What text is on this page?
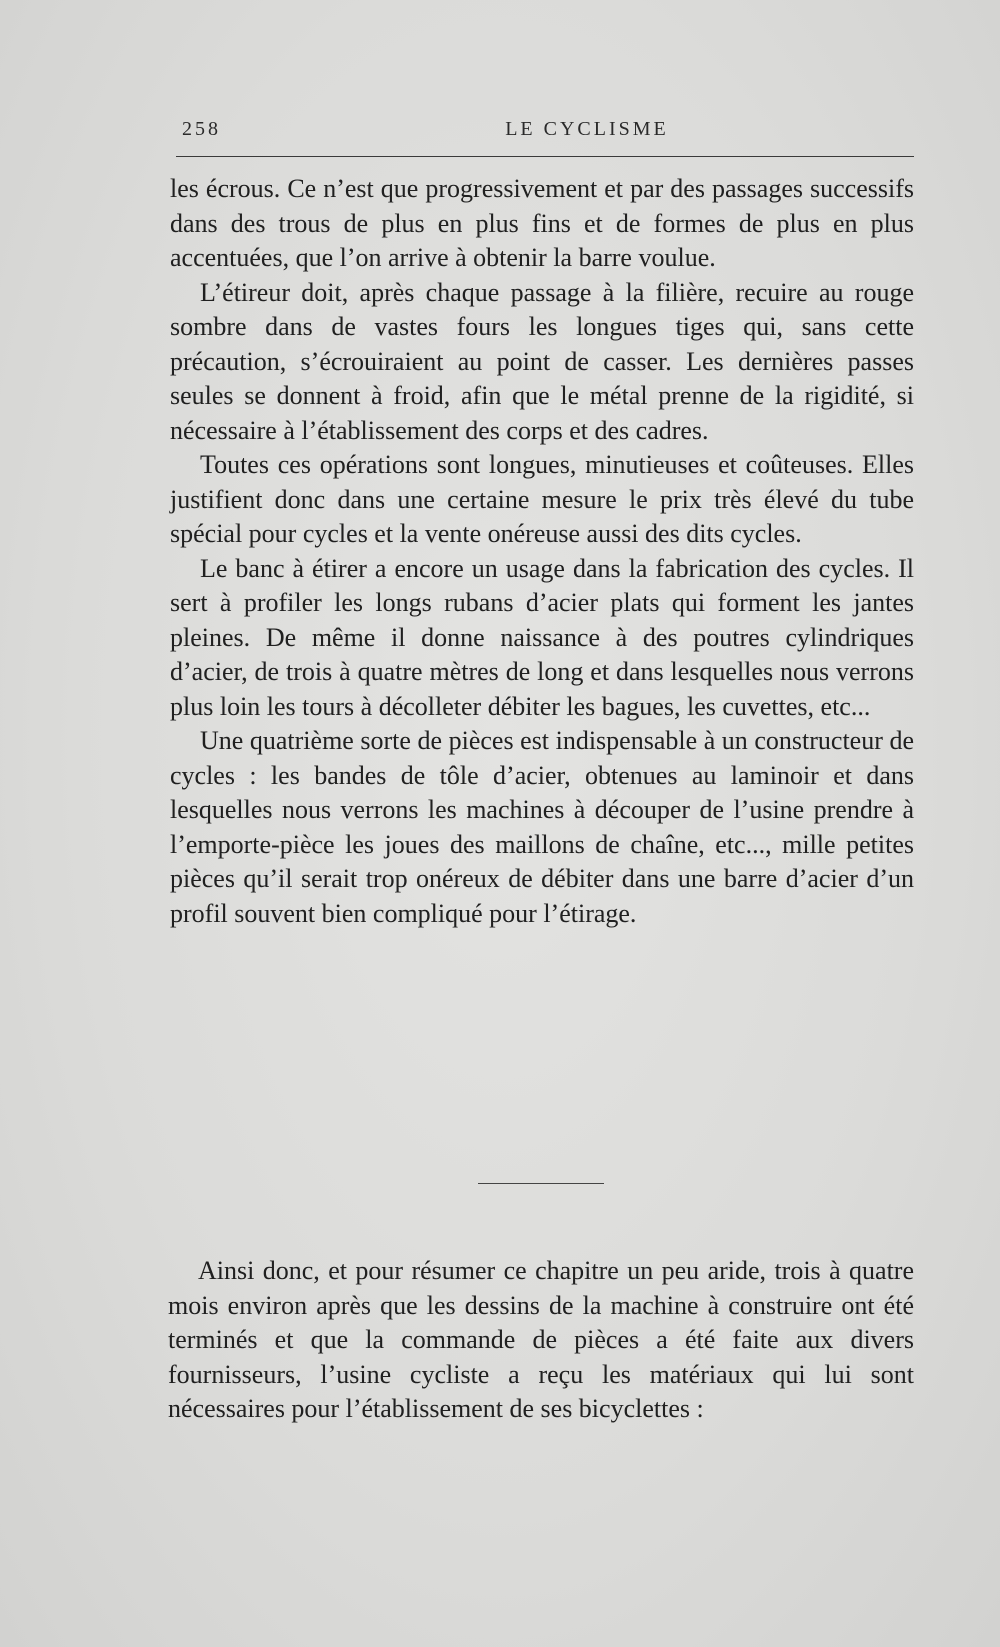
258	LE CYCLISME

les écrous. Ce n’est que progressivement et par des passages successifs dans des trous de plus en plus fins et de formes de plus en plus accentuées, que l’on arrive à obtenir la barre voulue.

L’étireur doit, après chaque passage à la filière, recuire au rouge sombre dans de vastes fours les longues tiges qui, sans cette précaution, s’écrouiraient au point de casser. Les dernières passes seules se donnent à froid, afin que le métal prenne de la rigidité, si nécessaire à l’établissement des corps et des cadres.

Toutes ces opérations sont longues, minutieuses et coûteuses. Elles justifient donc dans une certaine mesure le prix très élevé du tube spécial pour cycles et la vente onéreuse aussi des dits cycles.

Le banc à étirer a encore un usage dans la fabrication des cycles. Il sert à profiler les longs rubans d’acier plats qui forment les jantes pleines. De même il donne naissance à des poutres cylindriques d’acier, de trois à quatre mètres de long et dans lesquelles nous verrons plus loin les tours à décolleter débiter les bagues, les cuvettes, etc...

Une quatrième sorte de pièces est indispensable à un constructeur de cycles : les bandes de tôle d’acier, obtenues au laminoir et dans lesquelles nous verrons les machines à découper de l’usine prendre à l’emporte-pièce les joues des maillons de chaîne, etc..., mille petites pièces qu’il serait trop onéreux de débiter dans une barre d’acier d’un profil souvent bien compliqué pour l’étirage.

Ainsi donc, et pour résumer ce chapitre un peu aride, trois à quatre mois environ après que les dessins de la machine à construire ont été terminés et que la commande de pièces a été faite aux divers fournisseurs, l’usine cycliste a reçu les matériaux qui lui sont nécessaires pour l’établissement de ses bicyclettes :
